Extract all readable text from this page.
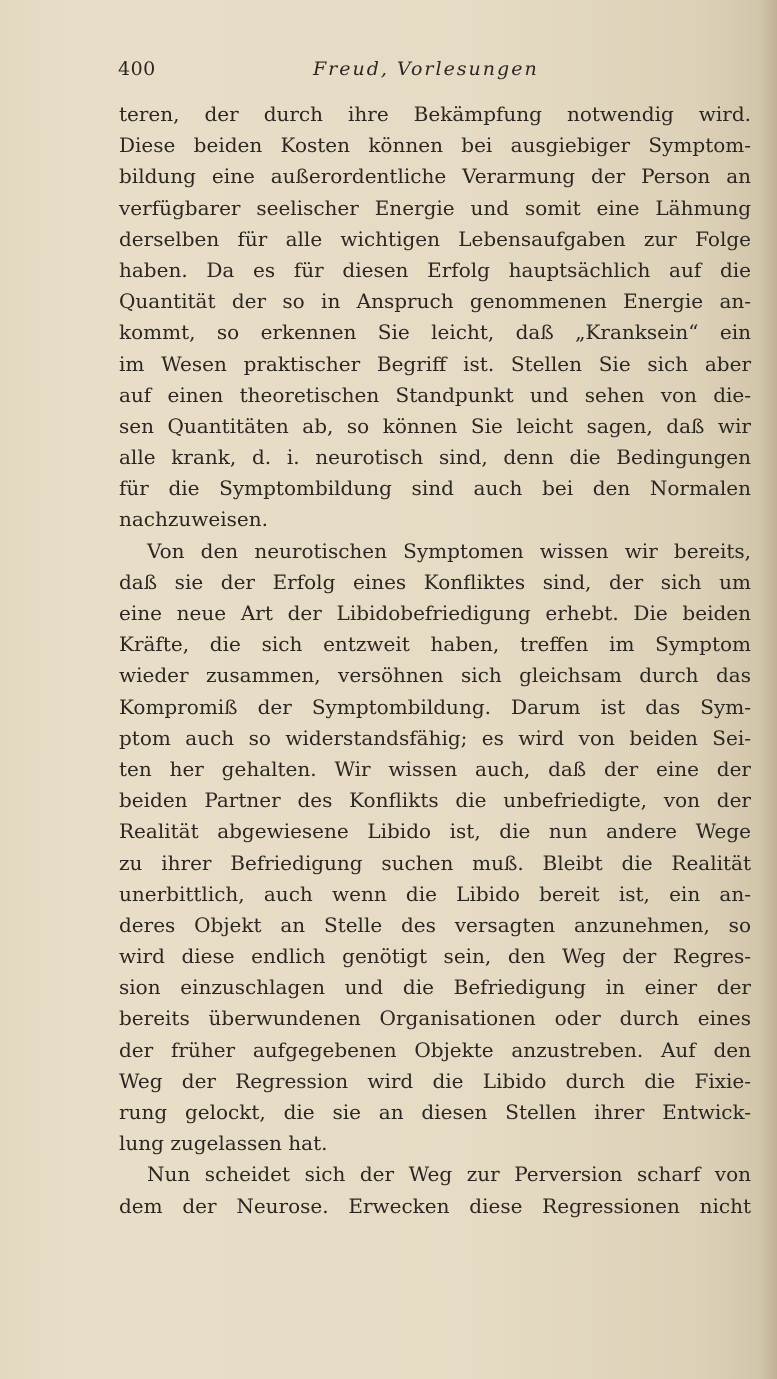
400	Freud, Vorlesungen
teren, der durch ihre Bekämpfung notwendig wird.
Diese beiden Kosten können bei ausgiebiger Symptom-
bildung eine außerordentliche Verarmung der Person an
verfügbarer seelischer Energie und somit eine Lähmung
derselben für alle wichtigen Lebensaufgaben zur Folge
haben. Da es für diesen Erfolg hauptsächlich auf die
Quantität der so in Anspruch genommenen Energie an-
kommt, so erkennen Sie leicht, daß „Kranksein“ ein
im Wesen praktischer Begriff ist. Stellen Sie sich aber
auf einen theoretischen Standpunkt und sehen von die-
sen Quantitäten ab, so können Sie leicht sagen, daß wir
alle krank, d. i. neurotisch sind, denn die Bedingungen
für die Symptombildung sind auch bei den Normalen
nachzuweisen.
Von den neurotischen Symptomen wissen wir bereits,
daß sie der Erfolg eines Konfliktes sind, der sich um
eine neue Art der Libidobefriedigung erhebt. Die beiden
Kräfte, die sich entzweit haben, treffen im Symptom
wieder zusammen, versöhnen sich gleichsam durch das
Kompromiß der Symptombildung. Darum ist das Sym-
ptom auch so widerstandsfähig; es wird von beiden Sei-
ten her gehalten. Wir wissen auch, daß der eine der
beiden Partner des Konflikts die unbefriedigte, von der
Realität abgewiesene Libido ist, die nun andere Wege
zu ihrer Befriedigung suchen muß. Bleibt die Realität
unerbittlich, auch wenn die Libido bereit ist, ein an-
deres Objekt an Stelle des versagten anzunehmen, so
wird diese endlich genötigt sein, den Weg der Regres-
sion einzuschlagen und die Befriedigung in einer der
bereits überwundenen Organisationen oder durch eines
der früher aufgegebenen Objekte anzustreben. Auf den
Weg der Regression wird die Libido durch die Fixie-
rung gelockt, die sie an diesen Stellen ihrer Entwick-
lung zugelassen hat.
Nun scheidet sich der Weg zur Perversion scharf von
dem der Neurose. Erwecken diese Regressionen nicht
